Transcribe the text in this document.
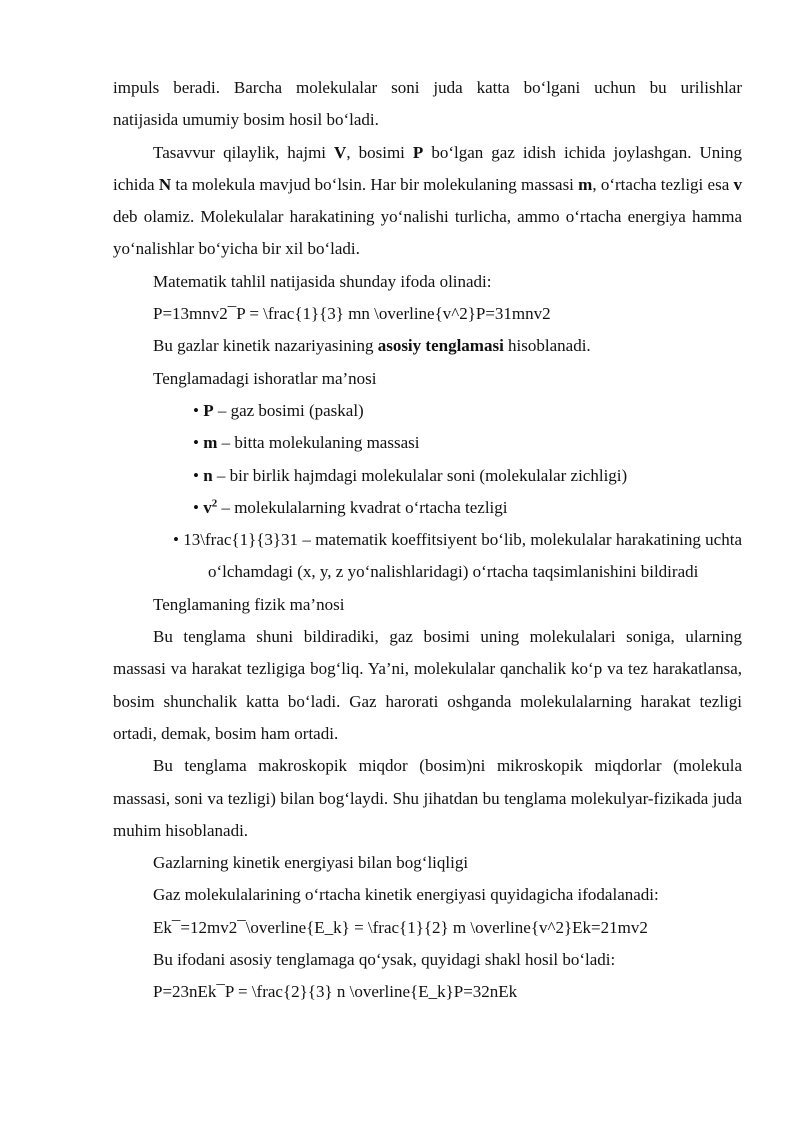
impuls beradi. Barcha molekulalar soni juda katta bo‘lgani uchun bu urilishlar

natijasida umumiy bosim hosil bo‘ladi.

Tasavvur qilaylik, hajmi V, bosimi P bo‘lgan gaz idish ichida joylashgan. Uning ichida N ta molekula mavjud bo‘lsin. Har bir molekulaning massasi m, o‘rtacha tezligi esa v deb olamiz. Molekulalar harakatining yo‘nalishi turlicha, ammo o‘rtacha energiya hamma yo‘nalishlar bo‘yicha bir xil bo‘ladi.

Matematik tahlil natijasida shunday ifoda olinadi:

P=13mnv2¯P = \frac{1}{3} mn \overline{v^2}P=31mnv2

Bu gazlar kinetik nazariyasining asosiy tenglamasi hisoblanadi.

Tenglamadagi ishoratlar ma’nosi

• P – gaz bosimi (paskal)
• m – bitta molekulaning massasi
• n – bir birlik hajmdagi molekulalar soni (molekulalar zichligi)
• $v^2$ – molekulalarning kvadrat o‘rtacha tezligi
• 13\frac{1}{3}31 – matematik koeffitsiyent bo‘lib, molekulalar harakatining uchta o‘lchamdagi (x, y, z yo‘nalishlaridagi) o‘rtacha taqsimlanishini bildiradi

Tenglamaning fizik ma’nosi

Bu tenglama shuni bildiradiki, gaz bosimi uning molekulalari soniga, ularning massasi va harakat tezligiga bog‘liq. Ya’ni, molekulalar qanchalik ko‘p va tez harakatlansa, bosim shunchalik katta bo‘ladi. Gaz harorati oshganda molekulalarning harakat tezligi ortadi, demak, bosim ham ortadi.

Bu tenglama makroskopik miqdor (bosim)ni mikroskopik miqdorlar (molekula massasi, soni va tezligi) bilan bog‘laydi. Shu jihatdan bu tenglama molekulyar-fizikada juda muhim hisoblanadi.

Gazlarning kinetik energiyasi bilan bog‘liqligi

Gaz molekulalarining o‘rtacha kinetik energiyasi quyidagicha ifodalanadi:

Ek¯=12mv2¯\overline{E_k} = \frac{1}{2} m \overline{v^2}Ek=21mv2

Bu ifodani asosiy tenglamaga qo‘ysak, quyidagi shakl hosil bo‘ladi:

P=23nEk¯P = \frac{2}{3} n \overline{E_k}P=32nEk
